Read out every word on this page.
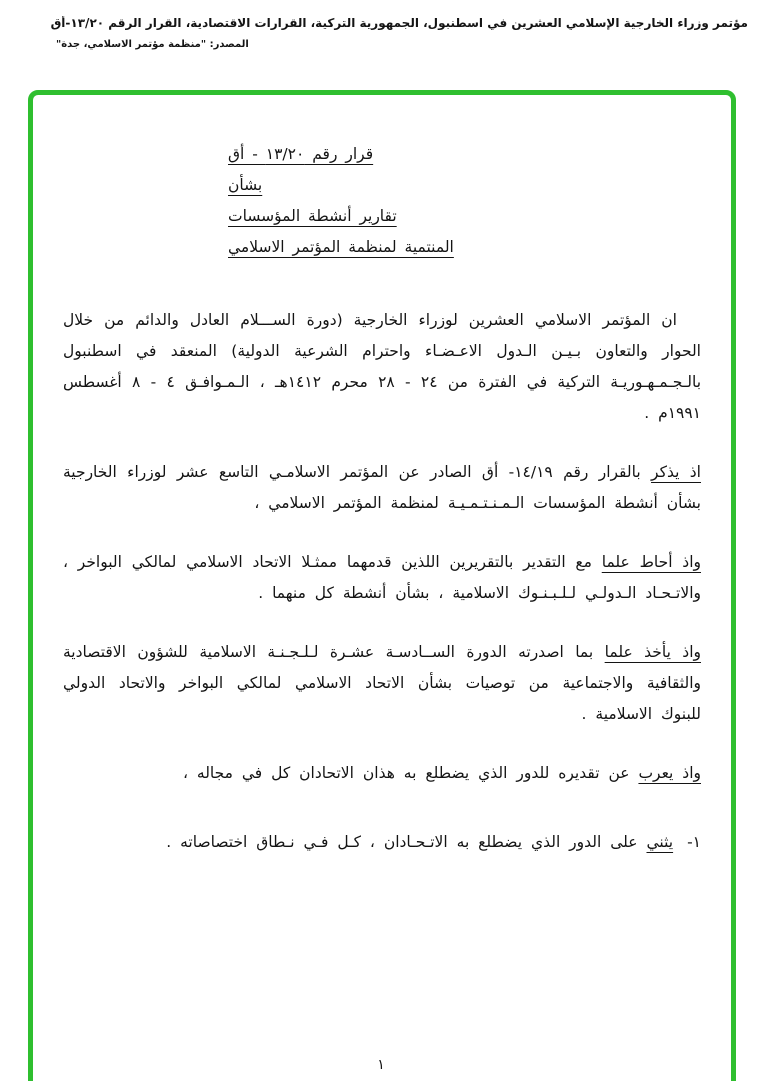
مؤتمر وزراء الخارجية الإسلامي العشرين في اسطنبول، الجمهورية التركية، القرارات الاقتصادية، القرار الرقم ١٣/٢٠-أق
المصدر: "منظمة مؤتمر الاسلامي، جدة"
قرار رقم ١٣/٢٠ - أق
بشأن
تقارير أنشطة المؤسسات
المنتمية لمنظمة المؤتمر الاسلامي

ان المؤتمر الاسلامي العشرين لوزراء الخارجية (دورة الســـلام العادل والدائم من خلال الحوار والتعاون بـيـن الـدول الاعـضـاء واحترام الشرعية الدولية) المنعقد في اسطنبول بالـجـمـهـوريـة التركية في الفترة من ٢٤ - ٢٨ محرم ١٤١٢هـ ، الـمـوافـق ٤ - ٨ أغسطس ١٩٩١م .

اذ يذكر بالقرار رقم ١٤/١٩- أق الصادر عن المؤتمر الاسلامـي التاسع عشر لوزراء الخارجية بشأن أنشطة المؤسسات الـمـنـتـمـيـة لمنظمة المؤتمر الاسلامي ،

واذ أحاط علما مع التقدير بالتقريرين اللذين قدمهما ممثـلا الاتحاد الاسلامي لمالكي البواخر ، والاتـحـاد الـدولـي لـلـبـنـوك الاسلامية ، بشأن أنشطة كل منهما .

واذ يأخذ علما بما اصدرته الدورة الســادسـة عشـرة لـلـجـنـة الاسلامية للشؤون الاقتصادية والثقافية والاجتماعية من توصيات بشأن الاتحاد الاسلامي لمالكي البواخر والاتحاد الدولي للبنوك الاسلامية .

واذ يعرب عن تقديره للدور الذي يضطلع به هذان الاتحادان كل في مجاله ،

١-
يثني على الدور الذي يضطلع به الاتـحـادان ، كـل فـي نـطاق اختصاصاته .
١
